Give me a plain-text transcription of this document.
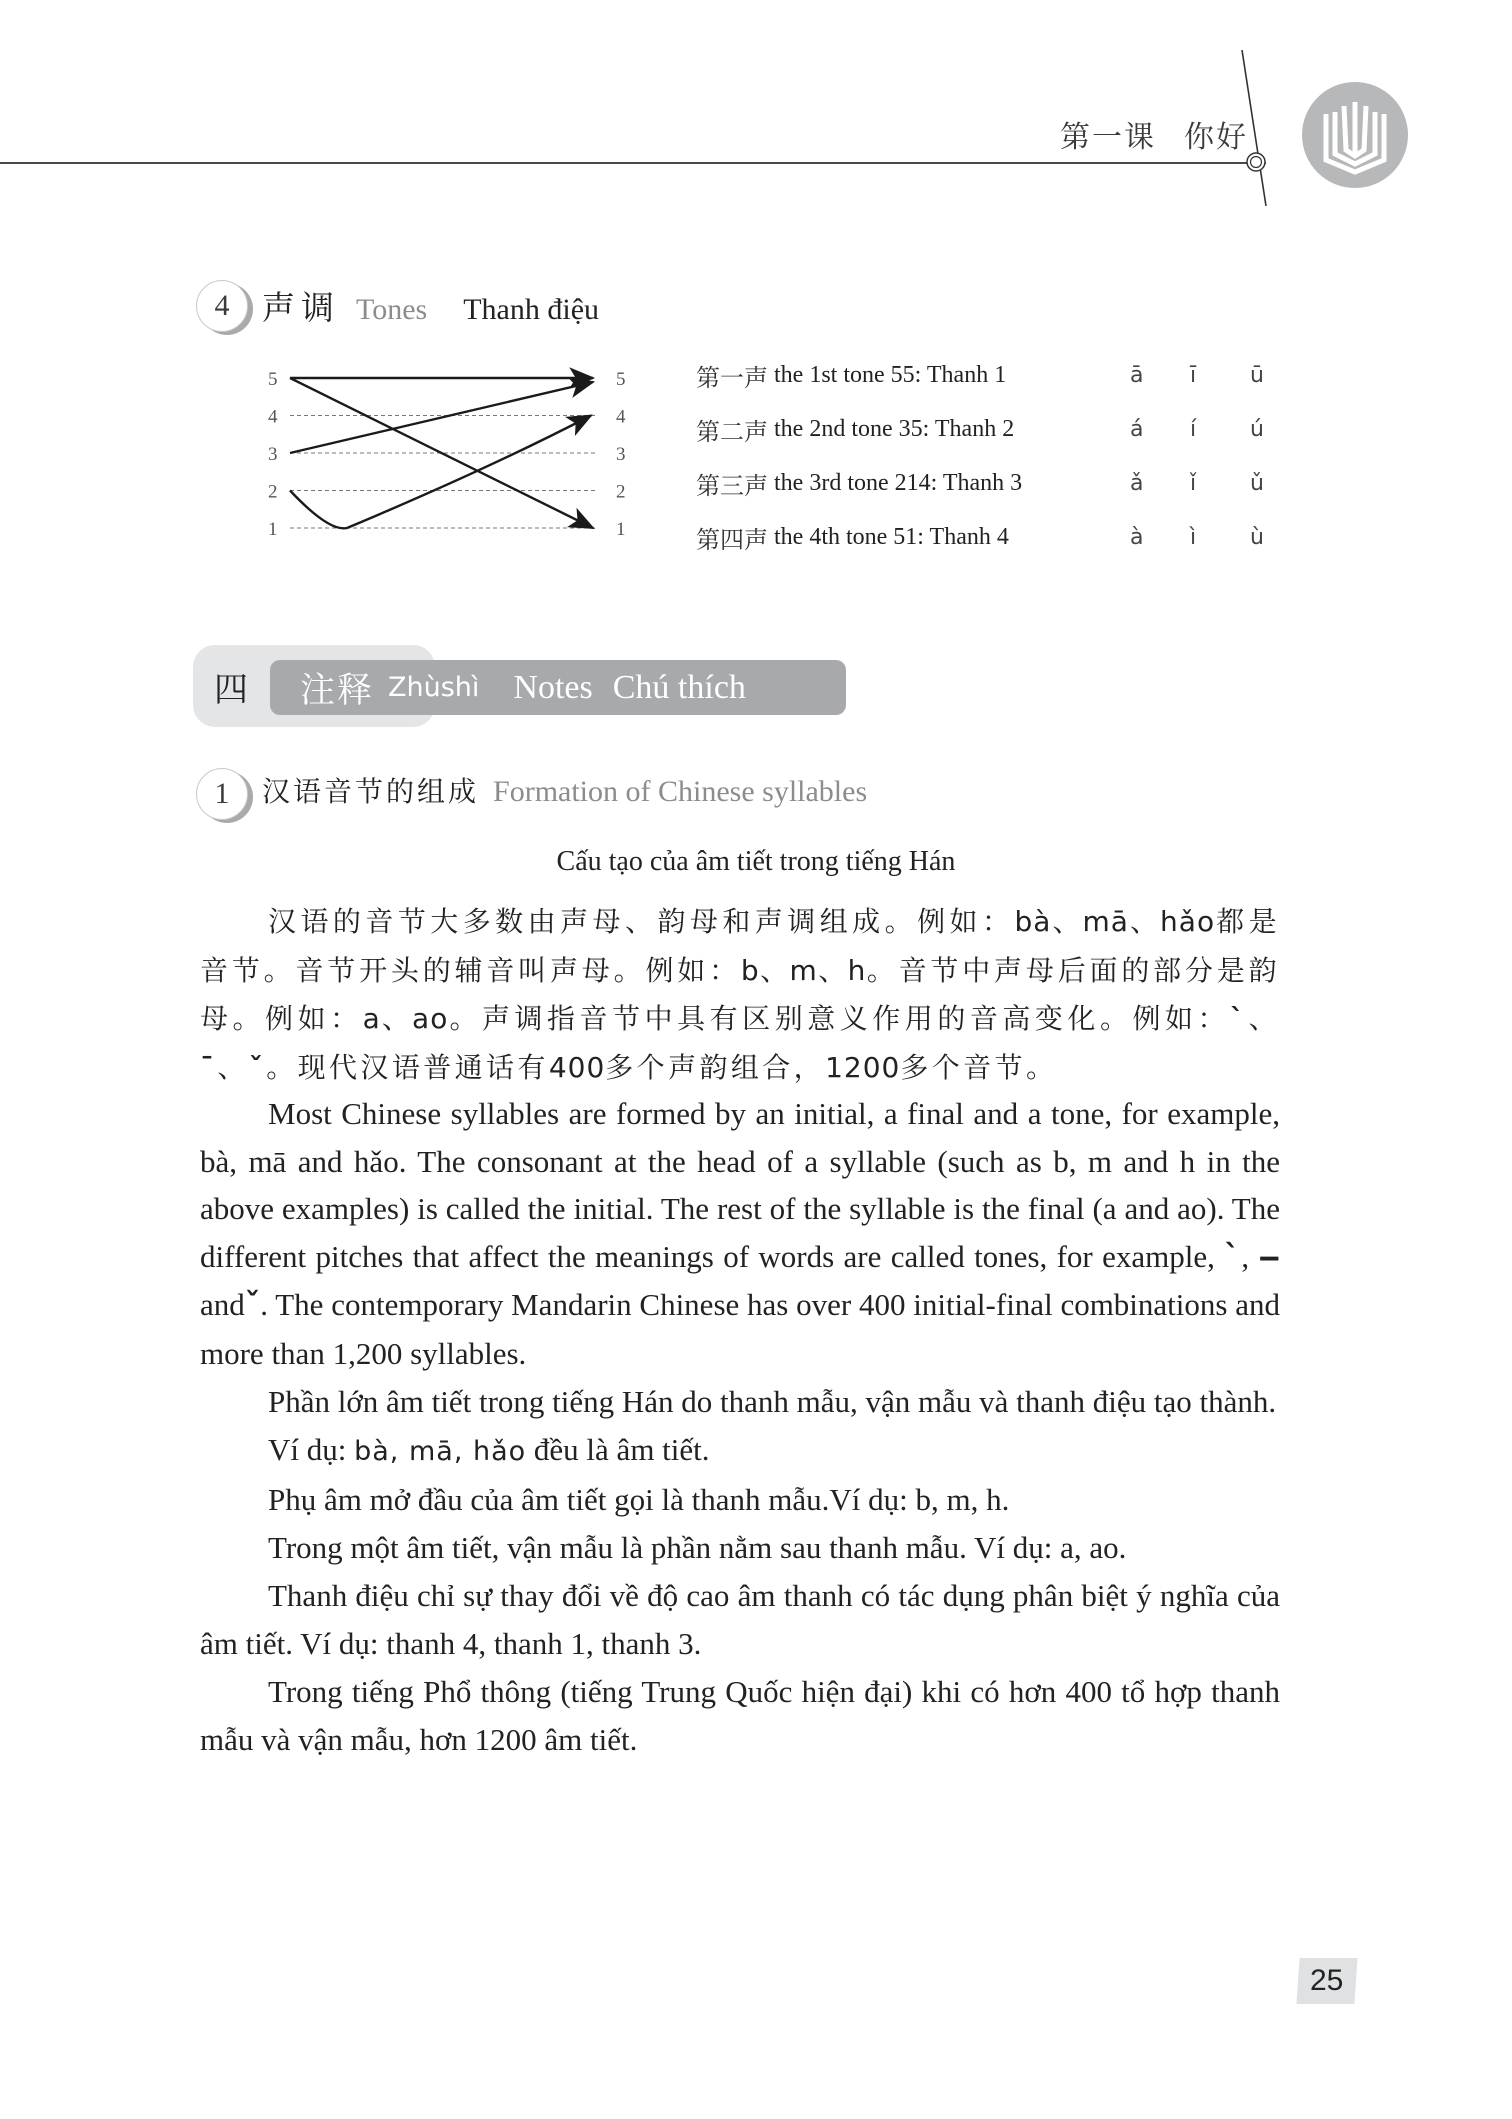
第一课 你好
4 声调 Tones Thanh điệu
1
2
3
4
5
1
2
3
4
5	第一声 the 1st tone 55: Thanh 1	ā	ī	ū
第二声 the 2nd tone 35: Thanh 2	á	í	ú
第三声 the 3rd tone 214: Thanh 3	ǎ	ǐ	ǔ
第四声 the 4th tone 51: Thanh 4	à	ì	ù
四 注释 Zhùshì Notes Chú thích
1 汉语音节的组成 Formation of Chinese syllables
Cấu tạo của âm tiết trong tiếng Hán
汉语的音节大多数由声母、韵母和声调组成。例如：bà、mā、hǎo都是音节。音节开头的辅音叫声母。例如：b、m、h。音节中声母后面的部分是韵母。例如：a、ao。声调指音节中具有区别意义作用的音高变化。例如：ˋ、ˉ、ˇ。现代汉语普通话有400多个声韵组合，1200多个音节。
Most Chinese syllables are formed by an initial, a final and a tone, for example, bà, mā and hǎo. The consonant at the head of a syllable (such as b, m and h in the above examples) is called the initial. The rest of the syllable is the final (a and ao). The different pitches that affect the meanings of words are called tones, for example, ˋ, ‒ andˇ. The contemporary Mandarin Chinese has over 400 initial-final combinations and more than 1,200 syllables.
Phần lớn âm tiết trong tiếng Hán do thanh mẫu, vận mẫu và thanh điệu tạo thành.
Ví dụ: bà, mā, hǎo đều là âm tiết.
Phụ âm mở đầu của âm tiết gọi là thanh mẫu.Ví dụ: b, m, h.
Trong một âm tiết, vận mẫu là phần nằm sau thanh mẫu. Ví dụ: a, ao.
Thanh điệu chỉ sự thay đổi về độ cao âm thanh có tác dụng phân biệt ý nghĩa của âm tiết. Ví dụ: thanh 4, thanh 1, thanh 3.
Trong tiếng Phổ thông (tiếng Trung Quốc hiện đại) khi có hơn 400 tổ hợp thanh mẫu và vận mẫu, hơn 1200 âm tiết.
25
